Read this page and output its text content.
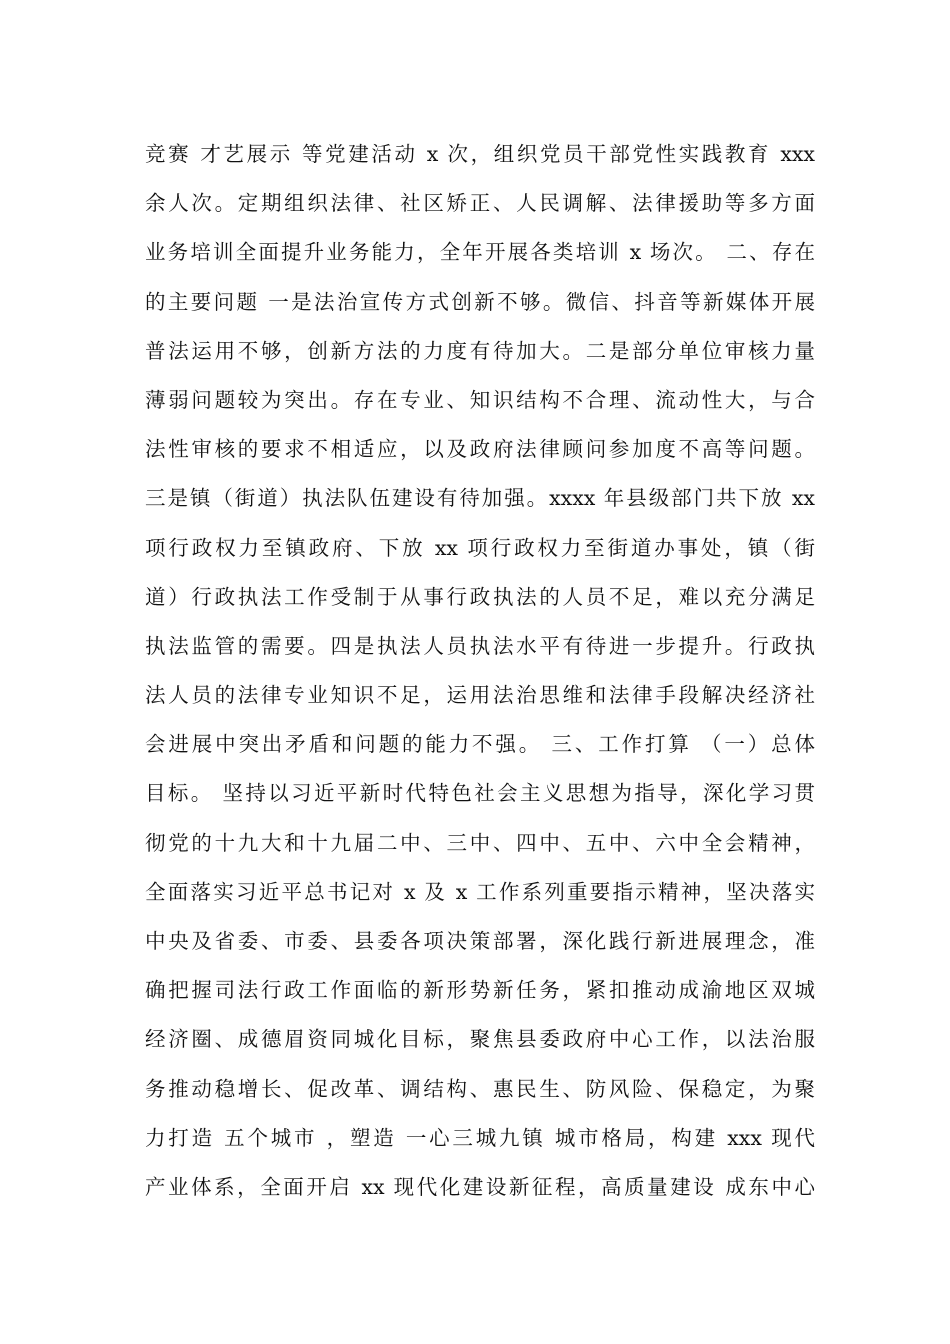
竞赛 才艺展示 等党建活动 x 次，组织党员干部党性实践教育 xxx
余人次。定期组织法律、社区矫正、人民调解、法律援助等多方面
业务培训全面提升业务能力，全年开展各类培训 x 场次。 二、存在
的主要问题 一是法治宣传方式创新不够。微信、抖音等新媒体开展
普法运用不够，创新方法的力度有待加大。二是部分单位审核力量
薄弱问题较为突出。存在专业、知识结构不合理、流动性大，与合
法性审核的要求不相适应，以及政府法律顾问参加度不高等问题。
三是镇（街道）执法队伍建设有待加强。xxxx 年县级部门共下放 xx
项行政权力至镇政府、下放 xx 项行政权力至街道办事处，镇（街
道）行政执法工作受制于从事行政执法的人员不足，难以充分满足
执法监管的需要。四是执法人员执法水平有待进一步提升。行政执
法人员的法律专业知识不足，运用法治思维和法律手段解决经济社
会进展中突出矛盾和问题的能力不强。 三、工作打算 （一）总体
目标。 坚持以习近平新时代特色社会主义思想为指导，深化学习贯
彻党的十九大和十九届二中、三中、四中、五中、六中全会精神，
全面落实习近平总书记对 x 及 x 工作系列重要指示精神，坚决落实
中央及省委、市委、县委各项决策部署，深化践行新进展理念，准
确把握司法行政工作面临的新形势新任务，紧扣推动成渝地区双城
经济圈、成德眉资同城化目标，聚焦县委政府中心工作，以法治服
务推动稳增长、促改革、调结构、惠民生、防风险、保稳定，为聚
力打造 五个城市 ，塑造 一心三城九镇 城市格局，构建 xxx 现代
产业体系，全面开启 xx 现代化建设新征程，高质量建设 成东中心
